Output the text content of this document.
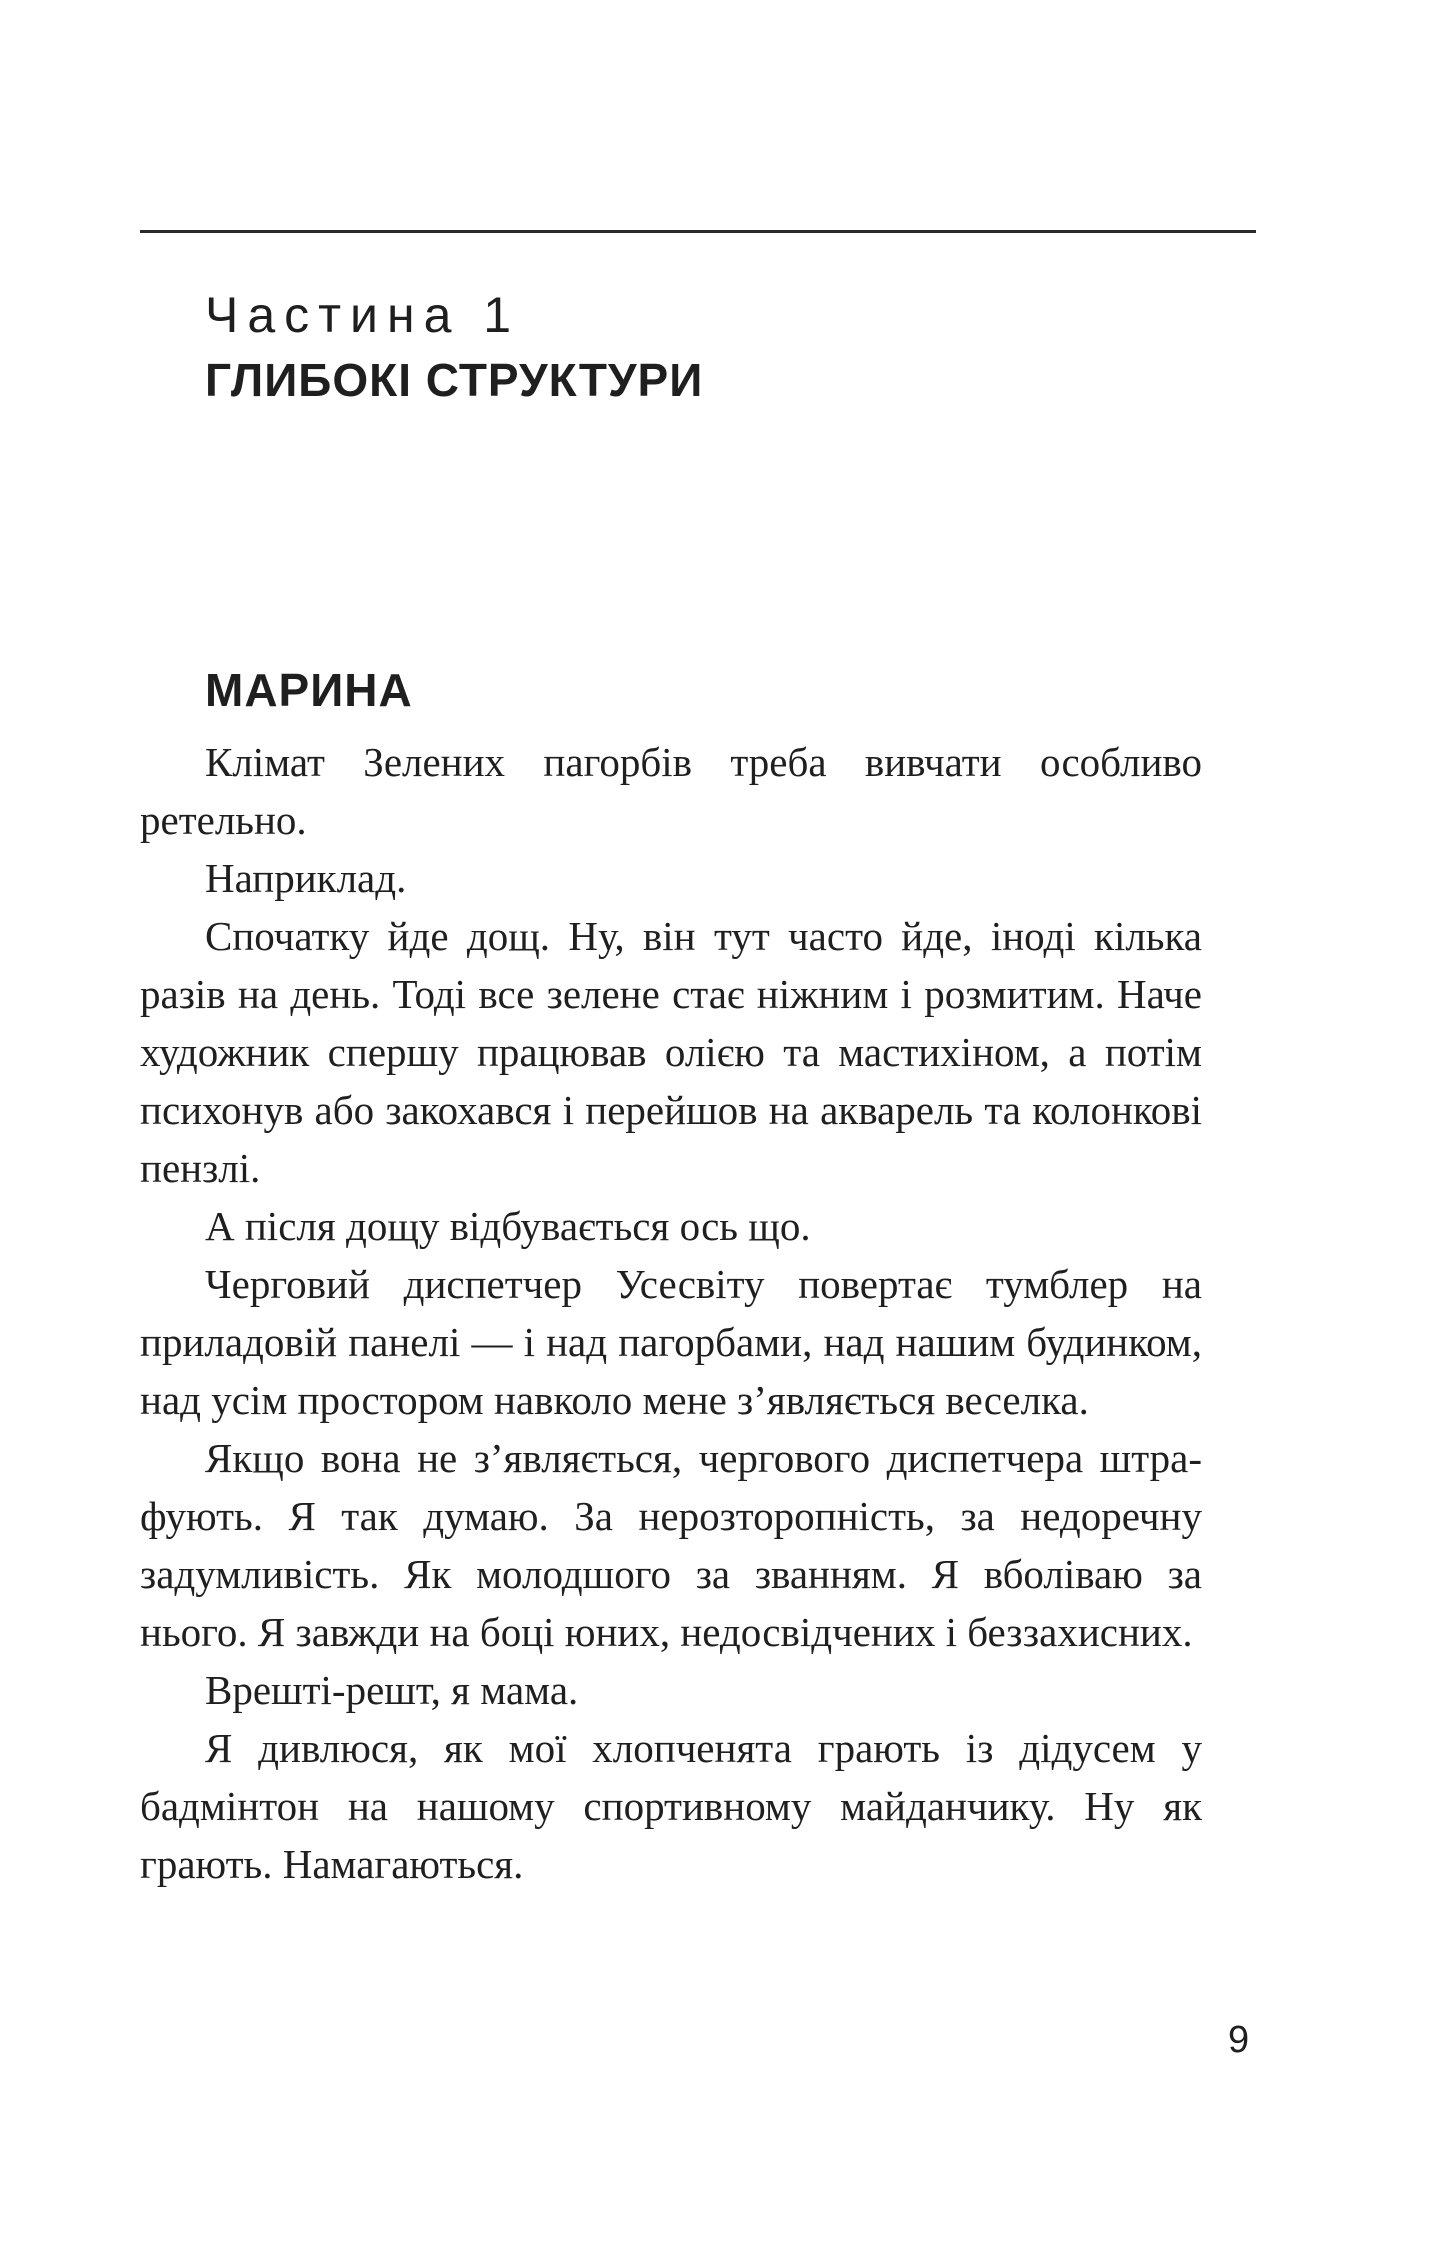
Частина 1
ГЛИБОКІ СТРУКТУРИ
МАРИНА

Клімат Зелених пагорбів треба вивчати особливо ретельно.

Наприклад.

Спочатку йде дощ. Ну, він тут часто йде, іноді кілька разів на день. Тоді все зелене стає ніжним і розмитим. Наче художник спершу працював олією та мастихіном, а потім психонув або закохався і перейшов на акварель та колонкові пензлі.

А після дощу відбувається ось що.

Черговий диспетчер Усесвіту повертає тумблер на приладовій панелі — і над пагорбами, над нашим будинком, над усім простором навколо мене з’являється веселка.

Якщо вона не з’являється, чергового диспетчера штрафують. Я так думаю. За нерозторопність, за недоречну задумливість. Як молодшого за званням. Я вболіваю за нього. Я завжди на боці юних, недосвідчених і беззахисних.

Врешті-решт, я мама.

Я дивлюся, як мої хлопченята грають із дідусем у бадмінтон на нашому спортивному майданчику. Ну як грають. Намагаються.

9
